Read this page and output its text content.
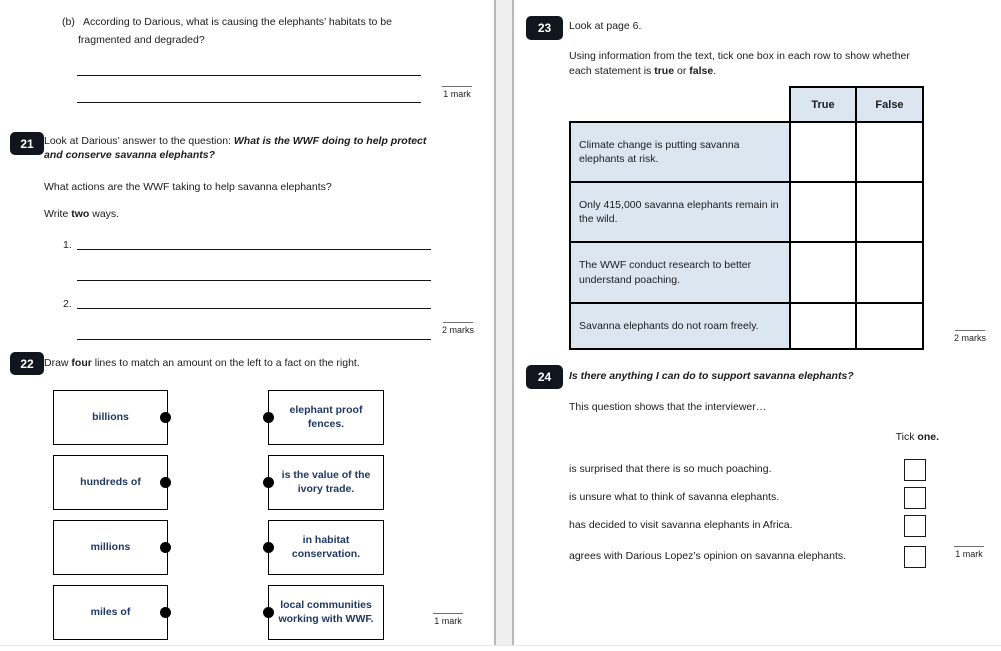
(b) According to Darious, what is causing the elephants’ habitats to be
fragmented and degraded?
1 mark
21 Look at Darious’ answer to the question: What is the WWF doing to help protect and conserve savanna elephants?
What actions are the WWF taking to help savanna elephants?
Write two ways.
1.
2.
2 marks
22 Draw four lines to match an amount on the left to a fact on the right.
billions
hundreds of
millions
miles of
elephant proof fences.
is the value of the ivory trade.
in habitat conservation.
local communities working with WWF.	1 mark
23	Look at page 6.
Using information from the text, tick one box in each row to show whether
each statement is true or false.
	True	False
Climate change is putting savanna elephants at risk.		
Only 415,000 savanna elephants remain in the wild.		
The WWF conduct research to better understand poaching.		
Savanna elephants do not roam freely.		
2 marks
24	Is there anything I can do to support savanna elephants?
This question shows that the interviewer…
Tick one.
is surprised that there is so much poaching.
is unsure what to think of savanna elephants.
has decided to visit savanna elephants in Africa.
agrees with Darious Lopez’s opinion on savanna elephants.	1 mark
